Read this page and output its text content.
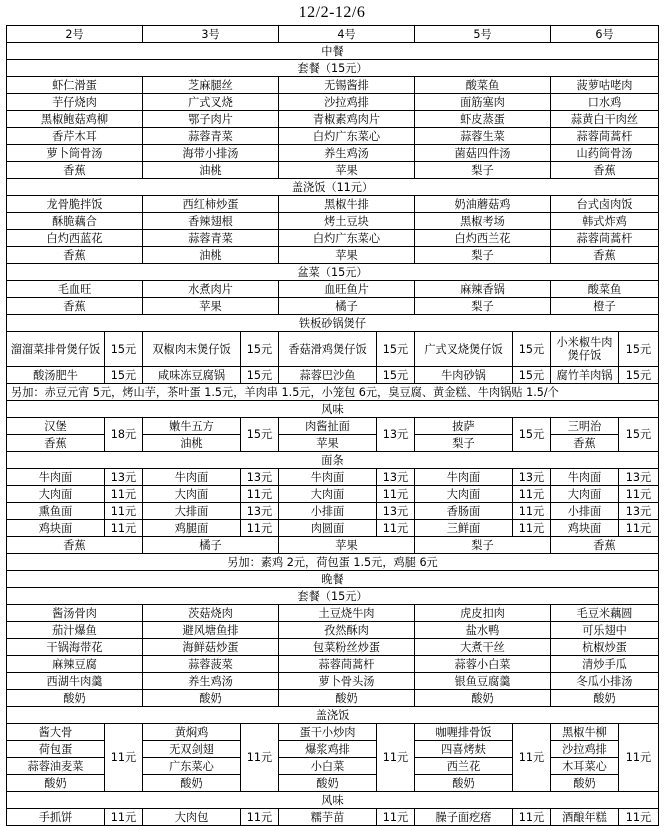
12/2-12/6
2号		3号		4号		5号		6号	
中餐									
套餐（15元）									
虾仁滑蛋		芝麻腿丝		无锡酱排		酸菜鱼		菠萝咕咾肉	
芋仔烧肉		广式叉烧		沙拉鸡排		面筋塞肉		口水鸡	
黑椒鲍菇鸡柳		鄂子肉片		青椒素鸡肉片		虾皮蒸蛋		蒜黄白干肉丝	
香芹木耳		蒜蓉青菜		白灼广东菜心		蒜蓉生菜		蒜蓉茼蒿杆	
萝卜筒骨汤		海带小排汤		养生鸡汤		菌菇四件汤		山药筒骨汤	
香蕉		油桃		苹果		梨子		香蕉	
盖浇饭（11元）									
龙骨脆拌饭		西红柿炒蛋		黑椒牛排		奶油蘑菇鸡		台式卤肉饭	
酥脆藕合		香辣翅根		烤土豆块		黑椒考场		韩式炸鸡	
白灼西蓝花		蒜蓉青菜		白灼广东菜心		白灼西兰花		蒜蓉茼蒿杆	
香蕉		油桃		苹果		梨子		香蕉	
盆菜（15元）									
毛血旺		水煮肉片		血旺鱼片		麻辣香锅		酸菜鱼	
香蕉		苹果		橘子		梨子		橙子	
铁板砂锅煲仔									
溜溜菜排骨煲仔饭	15元	双椒肉末煲仔饭	15元	香菇滑鸡煲仔饭	15元	广式叉烧煲仔饭	15元	小米椒牛肉煲仔饭	15元
酸汤肥牛	15元	咸味冻豆腐锅	15元	蒜蓉巴沙鱼	15元	牛肉砂锅	15元	腐竹羊肉锅	15元
另加：赤豆元宵 5元，烤山芋，茶叶蛋 1.5元，羊肉串 1.5元，小笼包 6元，臭豆腐、黄金糕、牛肉锅贴 1.5/个									
风味									
汉堡	18元	嫩牛五方	15元	肉酱扯面	13元	披萨	15元	三明治	15元
香蕉		油桃		苹果		梨子		香蕉	
面条									
牛肉面	13元	牛肉面	13元	牛肉面	13元	牛肉面	13元	牛肉面	13元
大肉面	11元	大肉面	11元	大肉面	11元	大肉面	11元	大肉面	11元
熏鱼面	11元	大排面	13元	小排面	13元	香肠面	11元	小排面	13元
鸡块面	11元	鸡腿面	11元	肉圆面	11元	三鲜面	11元	鸡块面	11元
香蕉		橘子		苹果		梨子		香蕉	
另加：素鸡 2元，荷包蛋 1.5元，鸡腿 6元									
晚餐									
套餐（15元）									
酱汤骨肉		茨菇烧肉		土豆烧牛肉		虎皮扣肉		毛豆米藕圆	
茄汁爆鱼		避风塘鱼排		孜然酥肉		盐水鸭		可乐翅中	
干锅海带花		海鲜菇炒蛋		包菜粉丝炒蛋		大煮干丝		杭椒炒蛋	
麻辣豆腐		蒜蓉菠菜		蒜蓉茼蒿杆		蒜蓉小白菜		清炒手瓜	
西湖牛肉羹		养生鸡汤		萝卜骨头汤		银鱼豆腐羹		冬瓜小排汤	
酸奶		酸奶		酸奶		酸奶		酸奶	
盖浇饭									
酱大骨	11元	黄焖鸡	11元	蛋干小炒肉	11元	咖喱排骨饭	11元	黑椒牛柳	11元
荷包蛋		无双剑翅		爆浆鸡排		四喜烤麸		沙拉鸡排	
蒜蓉油麦菜		广东菜心		小白菜		西兰花		木耳菜心	
酸奶		酸奶		酸奶		酸奶		酸奶	
风味									
手抓饼	11元	大肉包	11元	糯芋苗	11元	臊子面疙瘩	11元	酒酿年糕	11元
